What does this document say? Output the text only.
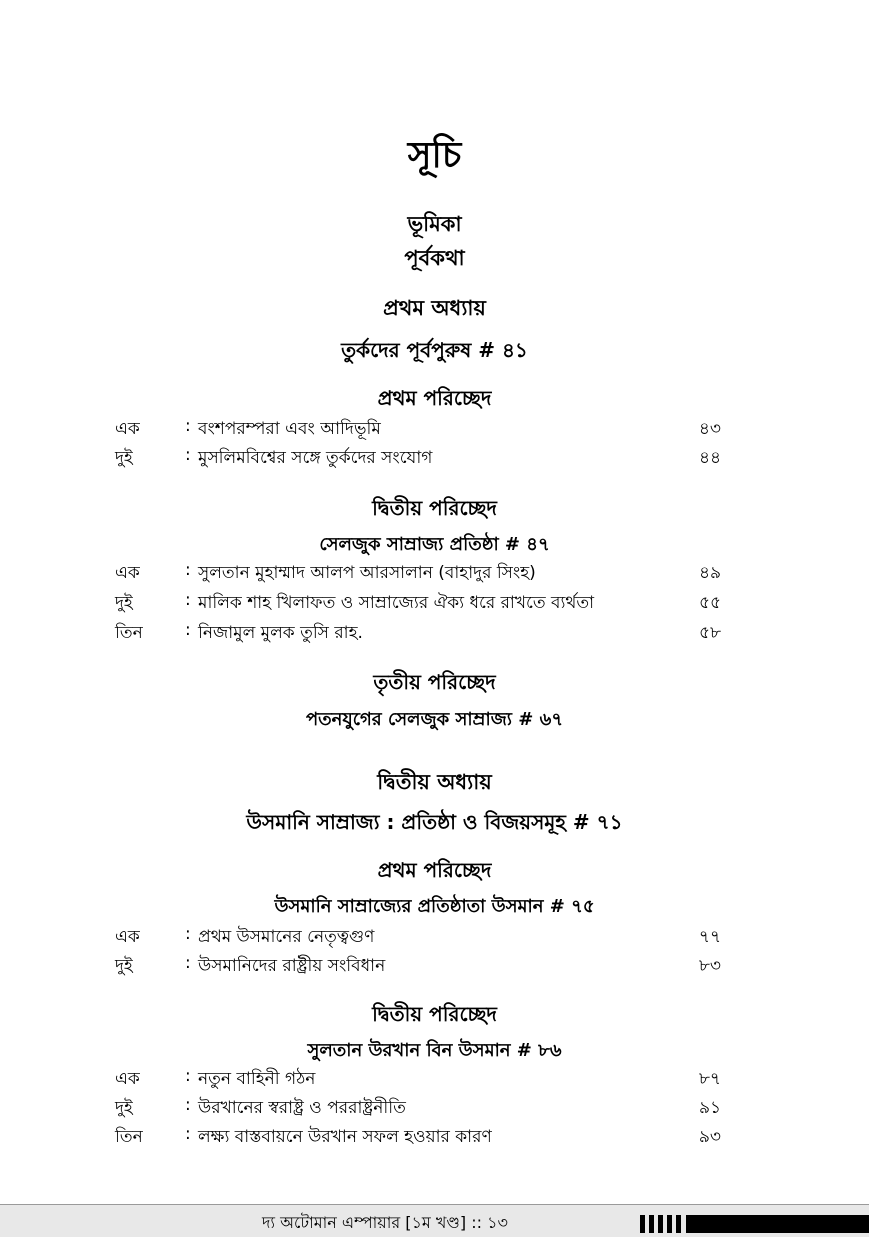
সূচি
ভূমিকা
পূর্বকথা
প্রথম অধ্যায়
তুর্কদের পূর্বপুরুষ # ৪১
প্রথম পরিচ্ছেদ
এক	: বংশপরম্পরা এবং আদিভূমি	৪৩
দুই	: মুসলিমবিশ্বের সঙ্গে তুর্কদের সংযোগ	৪৪
দ্বিতীয় পরিচ্ছেদ
সেলজুক সাম্রাজ্য প্রতিষ্ঠা # ৪৭
এক	: সুলতান মুহাম্মাদ আলপ আরসালান (বাহাদুর সিংহ)	৪৯
দুই	: মালিক শাহ খিলাফত ও সাম্রাজ্যের ঐক্য ধরে রাখতে ব্যর্থতা	৫৫
তিন : নিজামুল মুলক তুসি রাহ.	৫৮
তৃতীয় পরিচ্ছেদ
পতনযুগের সেলজুক সাম্রাজ্য # ৬৭
দ্বিতীয় অধ্যায়
উসমানি সাম্রাজ্য : প্রতিষ্ঠা ও বিজয়সমূহ # ৭১
প্রথম পরিচ্ছেদ
উসমানি সাম্রাজ্যের প্রতিষ্ঠাতা উসমান # ৭৫
এক	: প্রথম উসমানের নেতৃত্বগুণ	৭৭
দুই	: উসমানিদের রাষ্ট্রীয় সংবিধান	৮৩
দ্বিতীয় পরিচ্ছেদ
সুলতান উরখান বিন উসমান # ৮৬
এক	: নতুন বাহিনী গঠন	৮৭
দুই	: উরখানের স্বরাষ্ট্র ও পররাষ্ট্রনীতি	৯১
তিন : লক্ষ্য বাস্তবায়নে উরখান সফল হওয়ার কারণ	৯৩
দ্য অটোমান এম্পায়ার [১ম খণ্ড] :: ১৩
